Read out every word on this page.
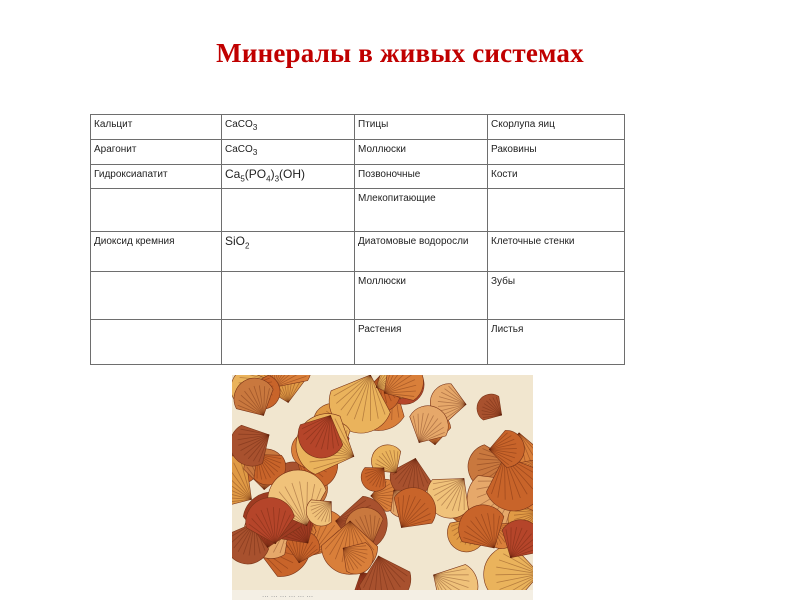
Минералы в живых системах
Кальцит	CaCO$_3$	Птицы	Скорлупа яиц
Арагонит	CaCO$_3$	Моллюски	Раковины
Гидроксиапатит	$Ca_5(PO_4)_3(OH)$	Позвоночные	Кости
		Млекопитающие	
Диоксид кремния	SiO$_2$	Диатомовые водоросли	Клеточные стенки
		Моллюски	Зубы
		Растения	Листья
... ... ... ... ... ...
